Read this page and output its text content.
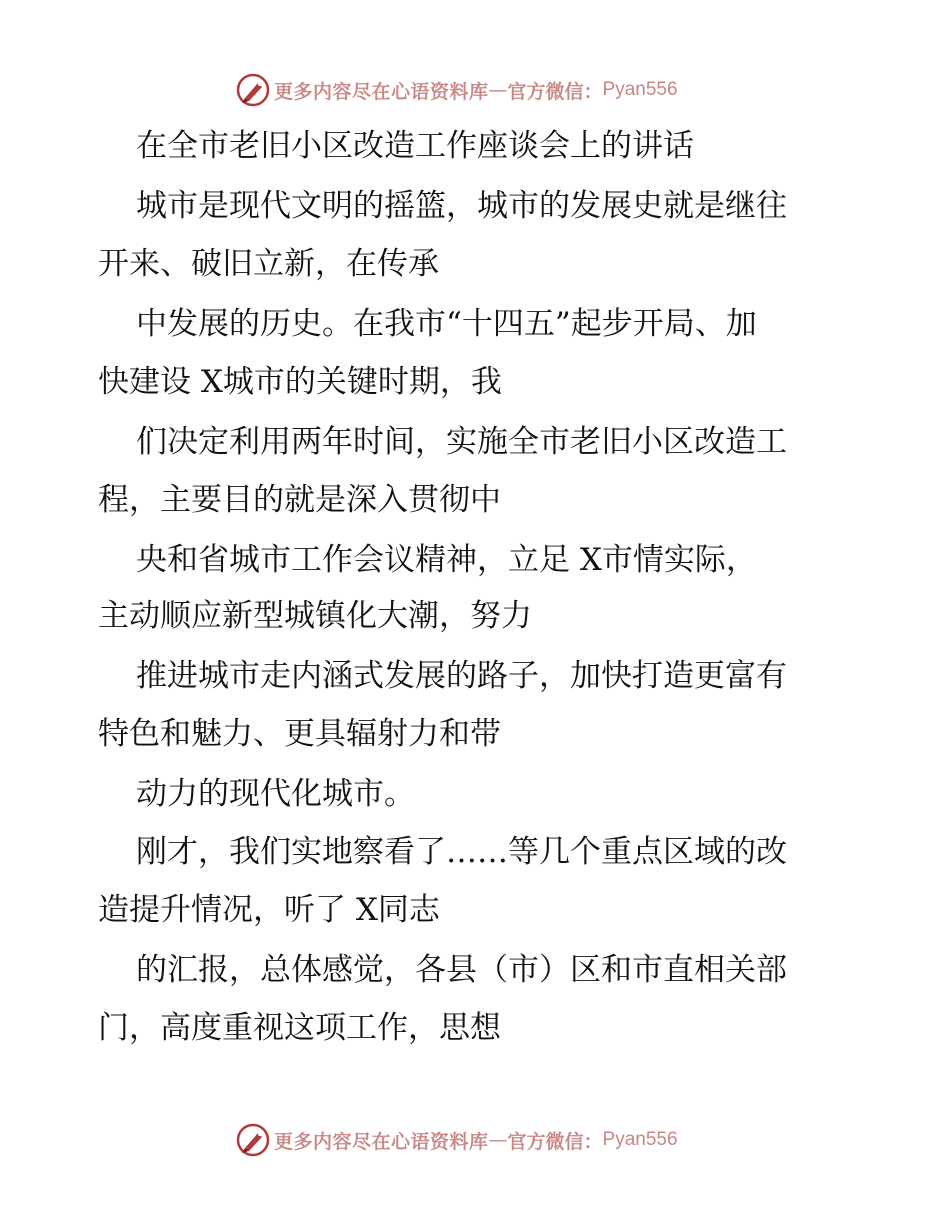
更多内容尽在心语资料库 — 官方微信： Pyan556
在全市老旧小区改造工作座谈会上的讲话
城市是现代文明的摇篮，城市的发展史就是继往
开来、破旧立新，在传承
中发展的历史。在我市“十四五”起步开局、加
快建设 X城市的关键时期，我
们决定利用两年时间，实施全市老旧小区改造工
程，主要目的就是深入贯彻中
央和省城市工作会议精神，立足 X市情实际，
主动顺应新型城镇化大潮，努力
推进城市走内涵式发展的路子，加快打造更富有
特色和魅力、更具辐射力和带
动力的现代化城市。
刚才，我们实地察看了……等几个重点区域的改
造提升情况，听了 X同志
的汇报，总体感觉，各县（市）区和市直相关部
门，高度重视这项工作，思想
更多内容尽在心语资料库 — 官方微信： Pyan556
